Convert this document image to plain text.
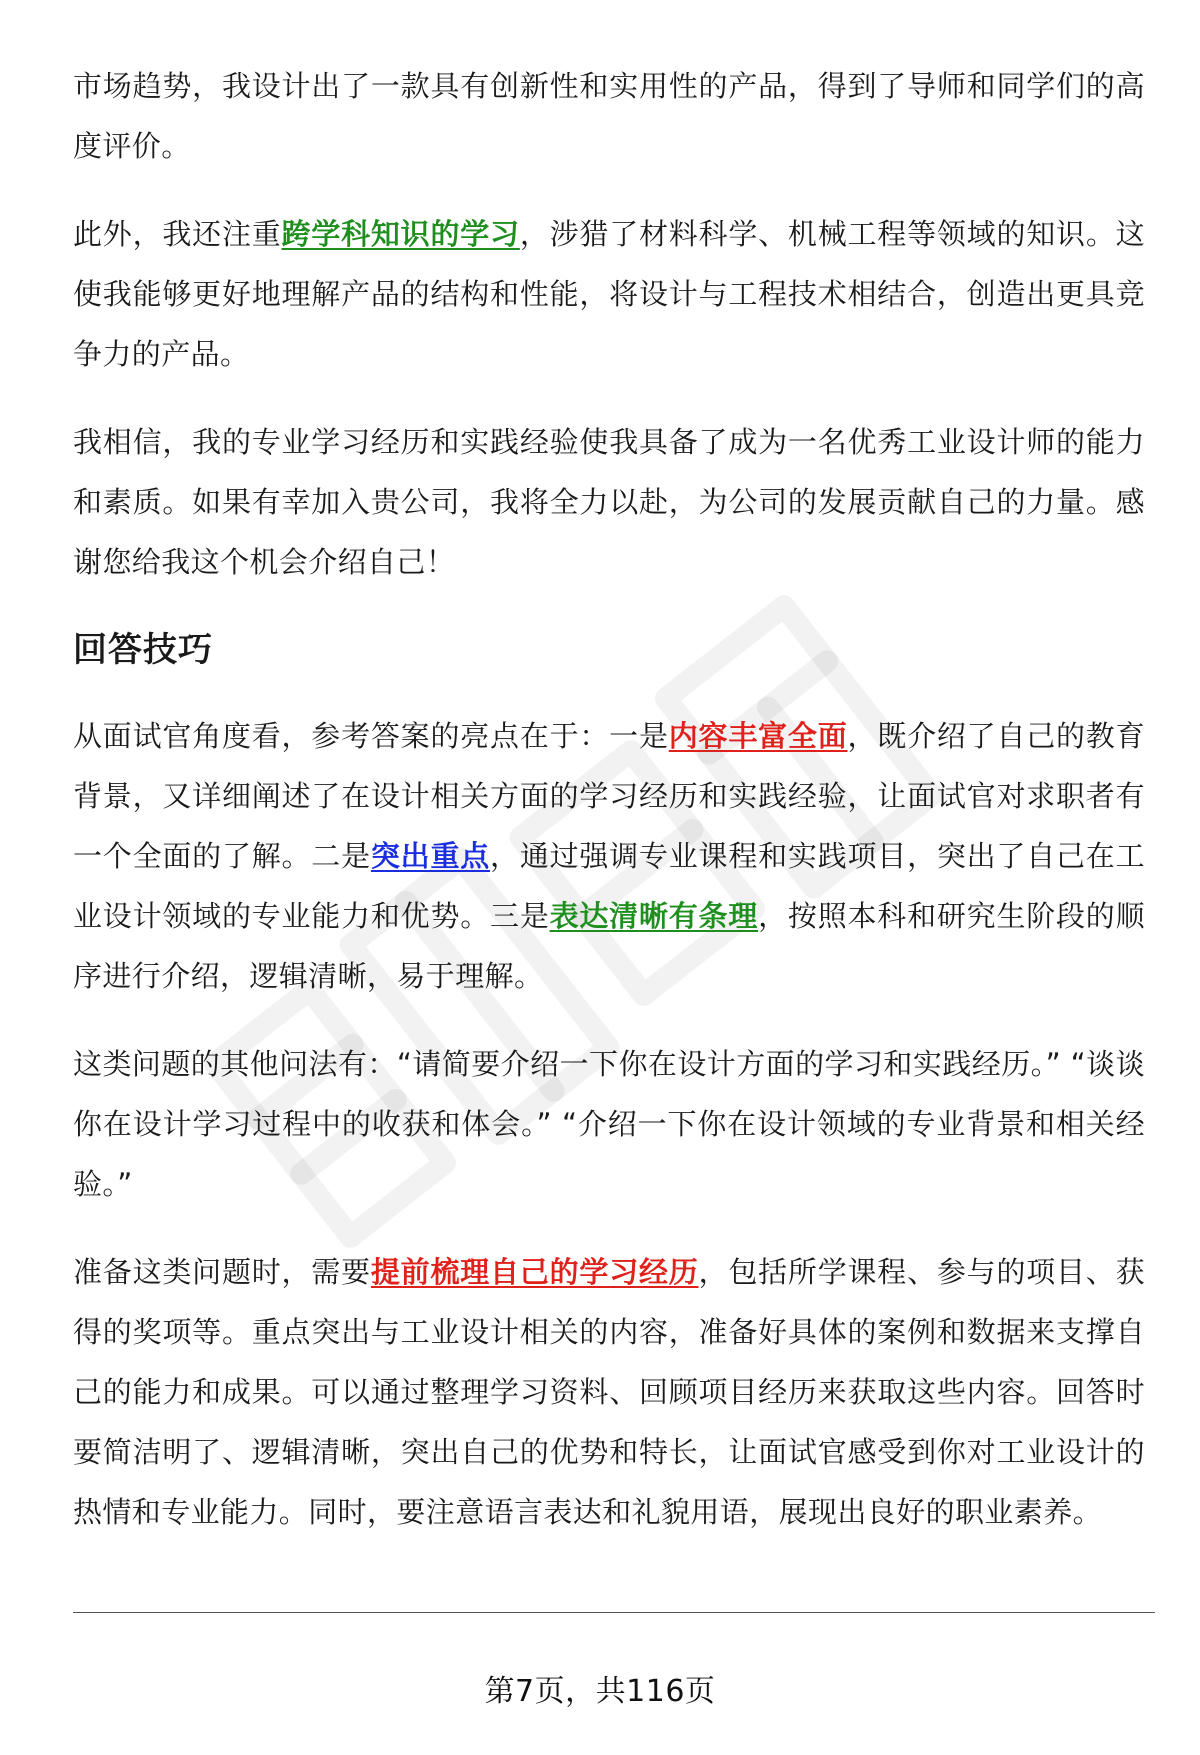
市场趋势，我设计出了一款具有创新性和实用性的产品，得到了导师和同学们的高度评价。

此外，我还注重跨学科知识的学习，涉猎了材料科学、机械工程等领域的知识。这使我能够更好地理解产品的结构和性能，将设计与工程技术相结合，创造出更具竞争力的产品。

我相信，我的专业学习经历和实践经验使我具备了成为一名优秀工业设计师的能力和素质。如果有幸加入贵公司，我将全力以赴，为公司的发展贡献自己的力量。感谢您给我这个机会介绍自己！

回答技巧

从面试官角度看，参考答案的亮点在于：一是内容丰富全面，既介绍了自己的教育背景，又详细阐述了在设计相关方面的学习经历和实践经验，让面试官对求职者有一个全面的了解。二是突出重点，通过强调专业课程和实践项目，突出了自己在工业设计领域的专业能力和优势。三是表达清晰有条理，按照本科和研究生阶段的顺序进行介绍，逻辑清晰，易于理解。

这类问题的其他问法有：“请简要介绍一下你在设计方面的学习和实践经历。” “谈谈你在设计学习过程中的收获和体会。” “介绍一下你在设计领域的专业背景和相关经验。”

准备这类问题时，需要提前梳理自己的学习经历，包括所学课程、参与的项目、获得的奖项等。重点突出与工业设计相关的内容，准备好具体的案例和数据来支撑自己的能力和成果。可以通过整理学习资料、回顾项目经历来获取这些内容。回答时要简洁明了、逻辑清晰，突出自己的优势和特长，让面试官感受到你对工业设计的热情和专业能力。同时，要注意语言表达和礼貌用语，展现出良好的职业素养。

第7页，共116页
